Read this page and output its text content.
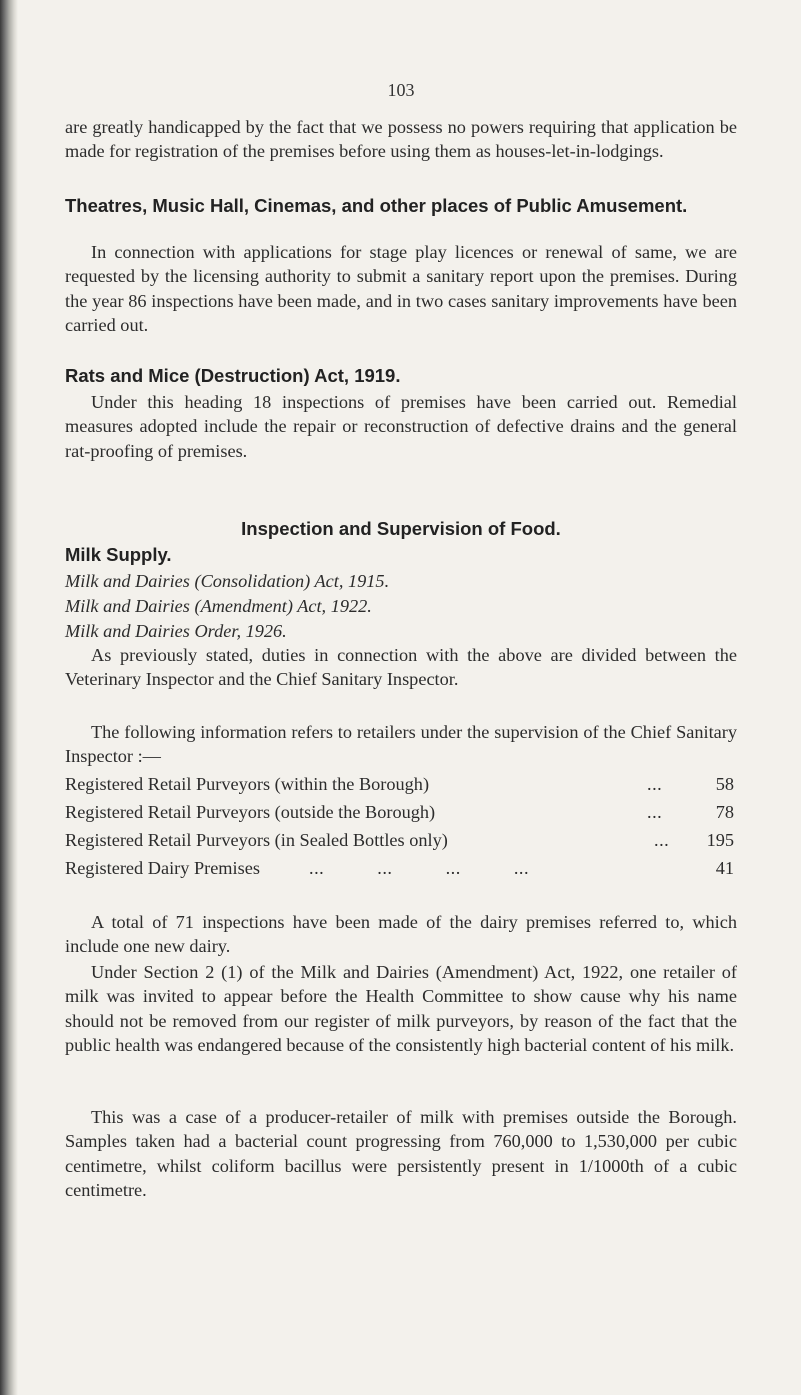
103

are greatly handicapped by the fact that we possess no powers requiring that application be made for registration of the premises before using them as houses-let-in-lodgings.

Theatres, Music Hall, Cinemas, and other places of Public Amusement.

In connection with applications for stage play licences or renewal of same, we are requested by the licensing authority to submit a sanitary report upon the premises. During the year 86 inspections have been made, and in two cases sanitary improvements have been carried out.

Rats and Mice (Destruction) Act, 1919.

Under this heading 18 inspections of premises have been carried out. Remedial measures adopted include the repair or reconstruction of defective drains and the general rat-proofing of premises.

Inspection and Supervision of Food.
Milk Supply.
Milk and Dairies (Consolidation) Act, 1915.
Milk and Dairies (Amendment) Act, 1922.
Milk and Dairies Order, 1926.

As previously stated, duties in connection with the above are divided between the Veterinary Inspector and the Chief Sanitary Inspector.

The following information refers to retailers under the supervision of the Chief Sanitary Inspector :—

Registered Retail Purveyors (within the Borough)	...	58
Registered Retail Purveyors (outside the Borough)	...	78
Registered Retail Purveyors (in Sealed Bottles only)	... 195
Registered Dairy Premises	... ... ... ...	41

A total of 71 inspections have been made of the dairy premises referred to, which include one new dairy.

Under Section 2 (1) of the Milk and Dairies (Amendment) Act, 1922, one retailer of milk was invited to appear before the Health Committee to show cause why his name should not be removed from our register of milk purveyors, by reason of the fact that the public health was endangered because of the consistently high bacterial content of his milk.

This was a case of a producer-retailer of milk with premises outside the Borough. Samples taken had a bacterial count progressing from 760,000 to 1,530,000 per cubic centimetre, whilst coliform bacillus were persistently present in 1/1000th of a cubic centimetre.
